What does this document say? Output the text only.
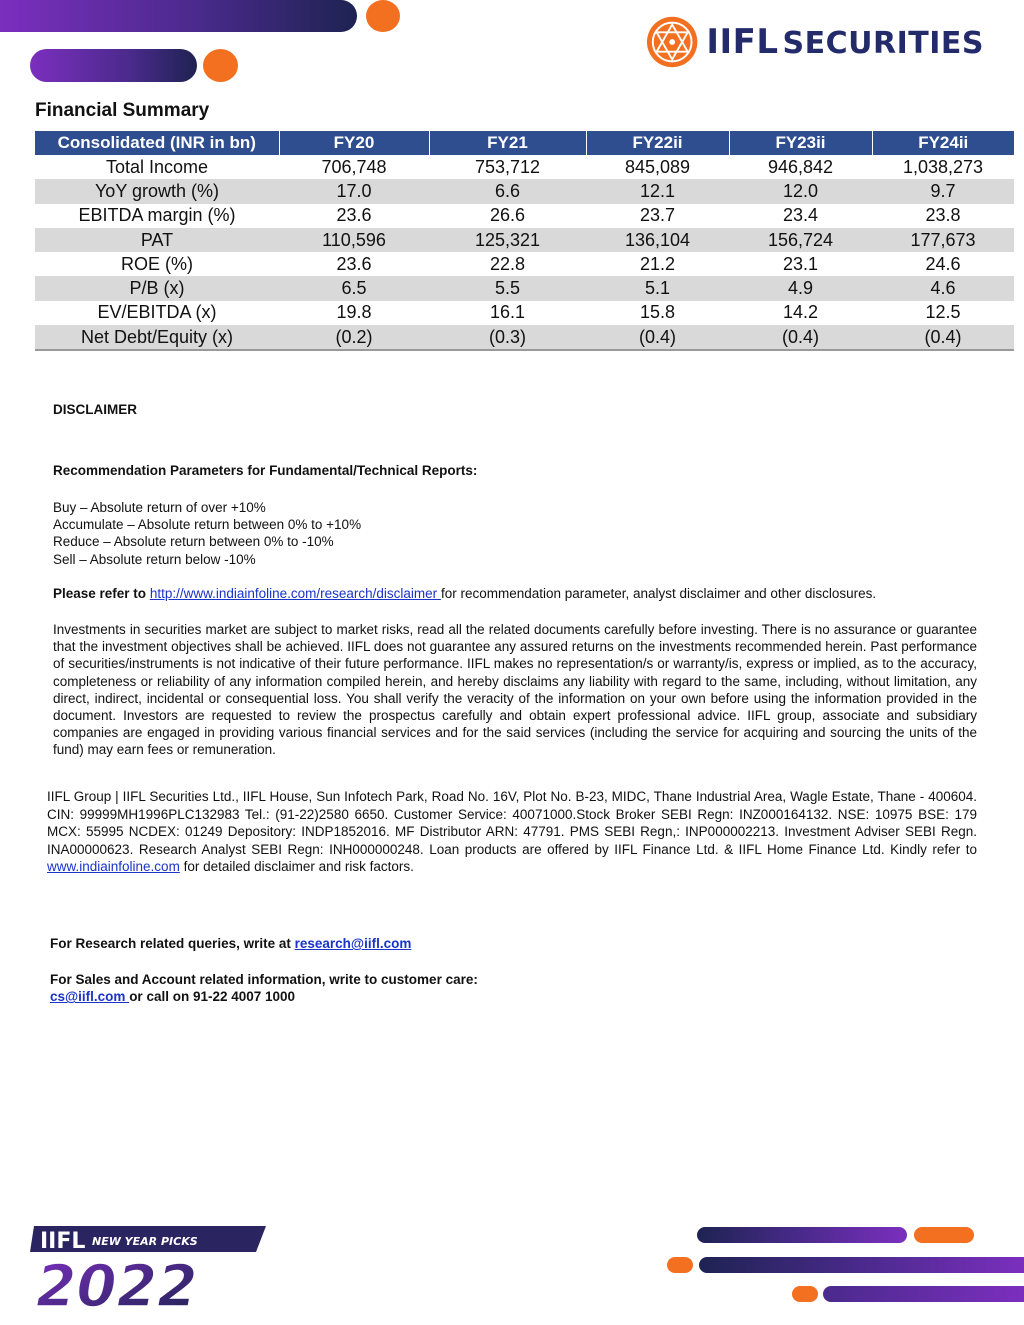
IIFL SECURITIES
Financial Summary
Consolidated (INR in bn)	FY20	FY21	FY22ii	FY23ii	FY24ii
Total Income	706,748	753,712	845,089	946,842	1,038,273
YoY growth (%)	17.0	6.6	12.1	12.0	9.7
EBITDA margin (%)	23.6	26.6	23.7	23.4	23.8
PAT	110,596	125,321	136,104	156,724	177,673
ROE (%)	23.6	22.8	21.2	23.1	24.6
P/B (x)	6.5	5.5	5.1	4.9	4.6
EV/EBITDA (x)	19.8	16.1	15.8	14.2	12.5
Net Debt/Equity (x)	(0.2)	(0.3)	(0.4)	(0.4)	(0.4)
DISCLAIMER
Recommendation Parameters for Fundamental/Technical Reports:
Buy – Absolute return of over +10%
Accumulate – Absolute return between 0% to +10%
Reduce – Absolute return between 0% to -10%
Sell – Absolute return below -10%
Please refer to http://www.indiainfoline.com/research/disclaimer for recommendation parameter, analyst disclaimer and other disclosures.
Investments in securities market are subject to market risks, read all the related documents carefully before investing. There is no assurance or guarantee that the investment objectives shall be achieved. IIFL does not guarantee any assured returns on the investments recommended herein. Past performance of securities/instruments is not indicative of their future performance. IIFL makes no representation/s or warranty/is, express or implied, as to the accuracy, completeness or reliability of any information compiled herein, and hereby disclaims any liability with regard to the same, including, without limitation, any direct, indirect, incidental or consequential loss. You shall verify the veracity of the information on your own before using the information provided in the document. Investors are requested to review the prospectus carefully and obtain expert professional advice. IIFL group, associate and subsidiary companies are engaged in providing various financial services and for the said services (including the service for acquiring and sourcing the units of the fund) may earn fees or remuneration.
IIFL Group | IIFL Securities Ltd., IIFL House, Sun Infotech Park, Road No. 16V, Plot No. B-23, MIDC, Thane Industrial Area, Wagle Estate, Thane - 400604. CIN: 99999MH1996PLC132983 Tel.: (91-22)2580 6650. Customer Service: 40071000.Stock Broker SEBI Regn: INZ000164132. NSE: 10975 BSE: 179 MCX: 55995 NCDEX: 01249 Depository: INDP1852016. MF Distributor ARN: 47791. PMS SEBI Regn,: INP000002213. Investment Adviser SEBI Regn. INA00000623. Research Analyst SEBI Regn: INH000000248. Loan products are offered by IIFL Finance Ltd. & IIFL Home Finance Ltd. Kindly refer to www.indiainfoline.com for detailed disclaimer and risk factors.
For Research related queries, write at research@iifl.com
For Sales and Account related information, write to customer care:
cs@iifl.com or call on 91-22 4007 1000
IIFL NEW YEAR PICKS
2022
